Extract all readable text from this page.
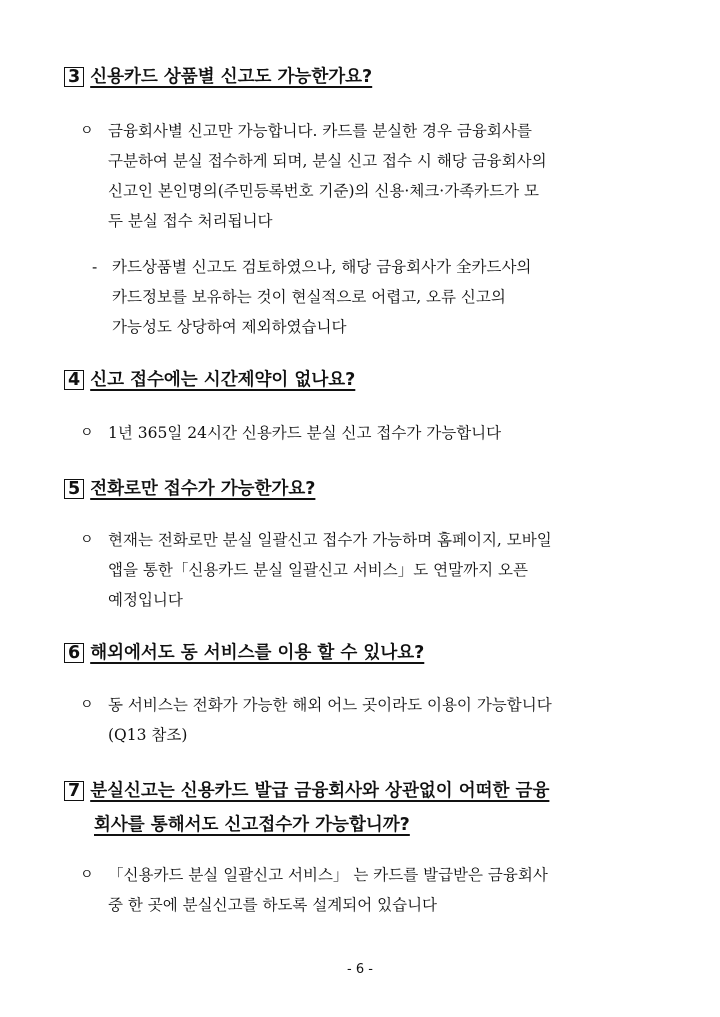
3 신용카드 상품별 신고도 가능한가요?

ㅇ 금융회사별 신고만 가능합니다. 카드를 분실한 경우 금융회사를
구분하여 분실 접수하게 되며, 분실 신고 접수 시 해당 금융회사의
신고인 본인명의(주민등록번호 기준)의 신용·체크·가족카드가 모
두 분실 접수 처리됩니다
- 카드상품별 신고도 검토하였으나, 해당 금융회사가 全카드사의
카드정보를 보유하는 것이 현실적으로 어렵고, 오류 신고의
가능성도 상당하여 제외하였습니다

4 신고 접수에는 시간제약이 없나요?

ㅇ 1년 365일 24시간 신용카드 분실 신고 접수가 가능합니다

5 전화로만 접수가 가능한가요?

ㅇ 현재는 전화로만 분실 일괄신고 접수가 가능하며 홈페이지, 모바일
앱을 통한「신용카드 분실 일괄신고 서비스」도 연말까지 오픈
예정입니다

6 해외에서도 동 서비스를 이용 할 수 있나요?

ㅇ 동 서비스는 전화가 가능한 해외 어느 곳이라도 이용이 가능합니다
(Q13 참조)

7 분실신고는 신용카드 발급 금융회사와 상관없이 어떠한 금융
회사를 통해서도 신고접수가 가능합니까?

ㅇ 「신용카드 분실 일괄신고 서비스」 는 카드를 발급받은 금융회사
중 한 곳에 분실신고를 하도록 설계되어 있습니다
- 6 -
